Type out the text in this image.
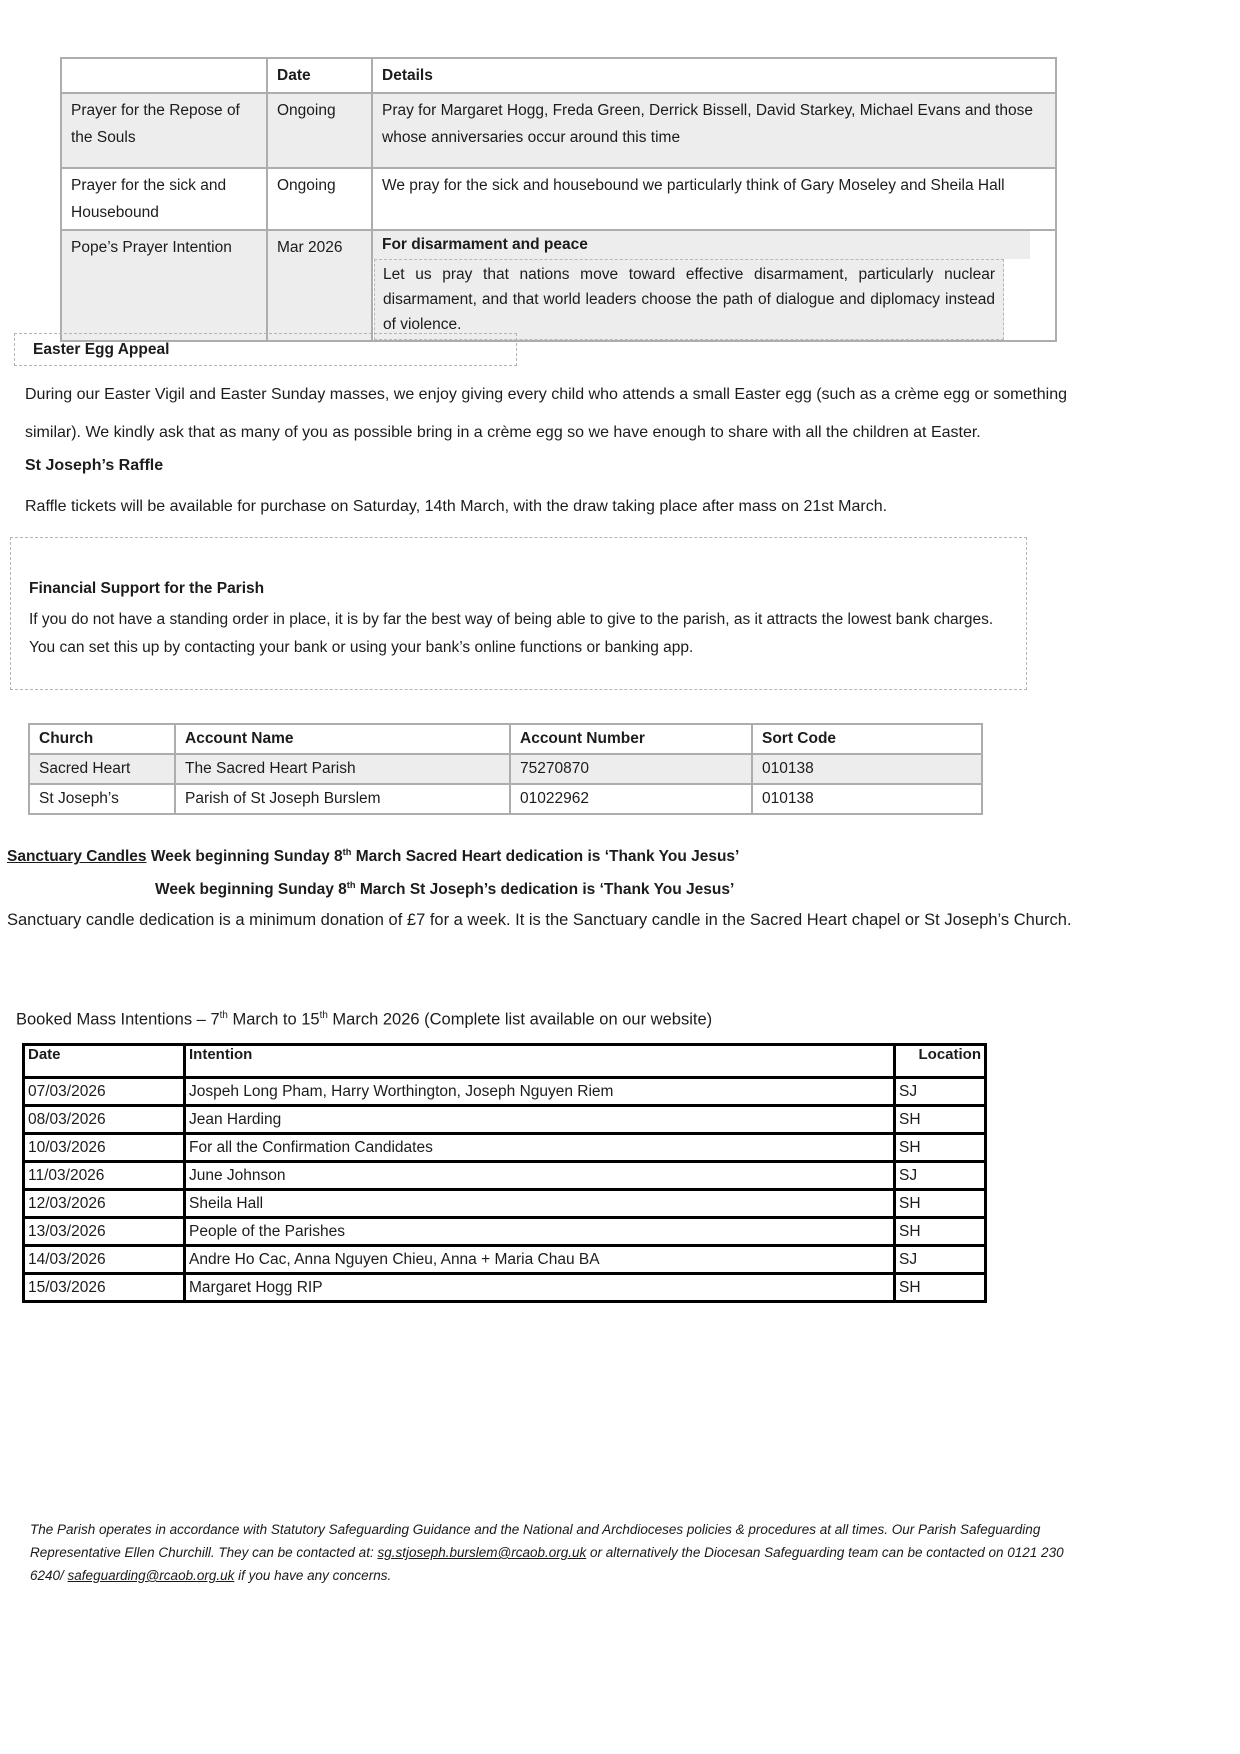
	Date	Details
Prayer for the Repose of the Souls	Ongoing	Pray for Margaret Hogg, Freda Green, Derrick Bissell, David Starkey, Michael Evans and those whose anniversaries occur around this time
Prayer for the sick and Housebound	Ongoing	We pray for the sick and housebound we particularly think of Gary Moseley and Sheila Hall
Pope’s Prayer Intention	Mar 2026	For disarmament and peace
Let us pray that nations move toward effective disarmament, particularly nuclear disarmament, and that world leaders choose the path of dialogue and diplomacy instead of violence.
Easter Egg Appeal
During our Easter Vigil and Easter Sunday masses, we enjoy giving every child who attends a small Easter egg (such as a crème egg or something similar). We kindly ask that as many of you as possible bring in a crème egg so we have enough to share with all the children at Easter.
St Joseph’s Raffle
Raffle tickets will be available for purchase on Saturday, 14th March, with the draw taking place after mass on 21st March.
Financial Support for the Parish
If you do not have a standing order in place, it is by far the best way of being able to give to the parish, as it attracts the lowest bank charges. You can set this up by contacting your bank or using your bank’s online functions or banking app.
Church	Account Name	Account Number	Sort Code
Sacred Heart	The Sacred Heart Parish	75270870	010138
St Joseph’s	Parish of St Joseph Burslem	01022962	010138
Sanctuary Candles Week beginning Sunday 8th March Sacred Heart dedication is ‘Thank You Jesus’
Week beginning Sunday 8th March St Joseph’s dedication is ‘Thank You Jesus’
Sanctuary candle dedication is a minimum donation of £7 for a week. It is the Sanctuary candle in the Sacred Heart chapel or St Joseph’s Church.
Booked Mass Intentions – 7th March to 15th March 2026 (Complete list available on our website)
Date	Intention	Location

07/03/2026	Jospeh Long Pham, Harry Worthington, Joseph Nguyen Riem	SJ
08/03/2026	Jean Harding	SH
10/03/2026	For all the Confirmation Candidates	SH
11/03/2026	June Johnson	SJ
12/03/2026	Sheila Hall	SH
13/03/2026	People of the Parishes	SH
14/03/2026	Andre Ho Cac, Anna Nguyen Chieu, Anna + Maria Chau BA	SJ
15/03/2026	Margaret Hogg RIP	SH
The Parish operates in accordance with Statutory Safeguarding Guidance and the National and Archdioceses policies & procedures at all times. Our Parish Safeguarding Representative Ellen Churchill. They can be contacted at: sg.stjoseph.burslem@rcaob.org.uk or alternatively the Diocesan Safeguarding team can be contacted on 0121 230 6240/ safeguarding@rcaob.org.uk if you have any concerns.
